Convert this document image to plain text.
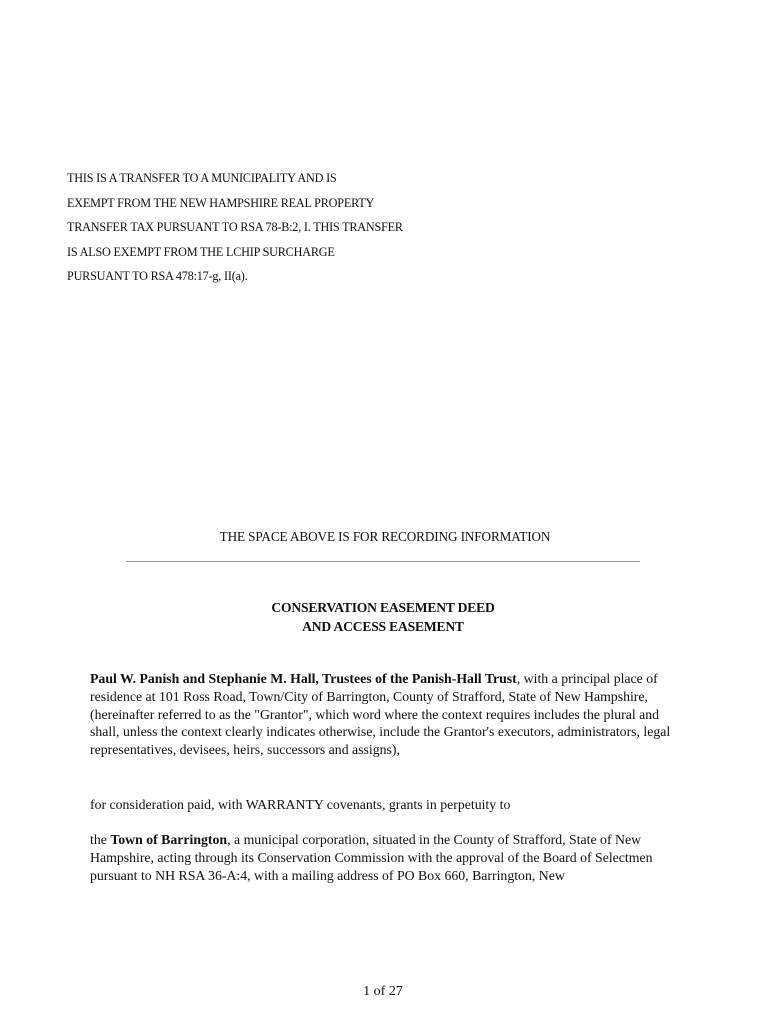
THIS IS A TRANSFER TO A MUNICIPALITY AND IS
EXEMPT FROM THE NEW HAMPSHIRE REAL PROPERTY
TRANSFER TAX PURSUANT TO RSA 78-B:2, I. THIS TRANSFER
IS ALSO EXEMPT FROM THE LCHIP SURCHARGE
PURSUANT TO RSA 478:17-g, II(a).
THE SPACE ABOVE IS FOR RECORDING INFORMATION
CONSERVATION EASEMENT DEED
AND ACCESS EASEMENT
Paul W. Panish and Stephanie M. Hall, Trustees of the Panish-Hall Trust, with a principal place of residence at 101 Ross Road, Town/City of Barrington, County of Strafford, State of New Hampshire, (hereinafter referred to as the "Grantor", which word where the context requires includes the plural and shall, unless the context clearly indicates otherwise, include the Grantor's executors, administrators, legal representatives, devisees, heirs, successors and assigns),
for consideration paid, with WARRANTY covenants, grants in perpetuity to
the Town of Barrington, a municipal corporation, situated in the County of Strafford, State of New Hampshire, acting through its Conservation Commission with the approval of the Board of Selectmen pursuant to NH RSA 36-A:4, with a mailing address of PO Box 660, Barrington, New
1 of 27
